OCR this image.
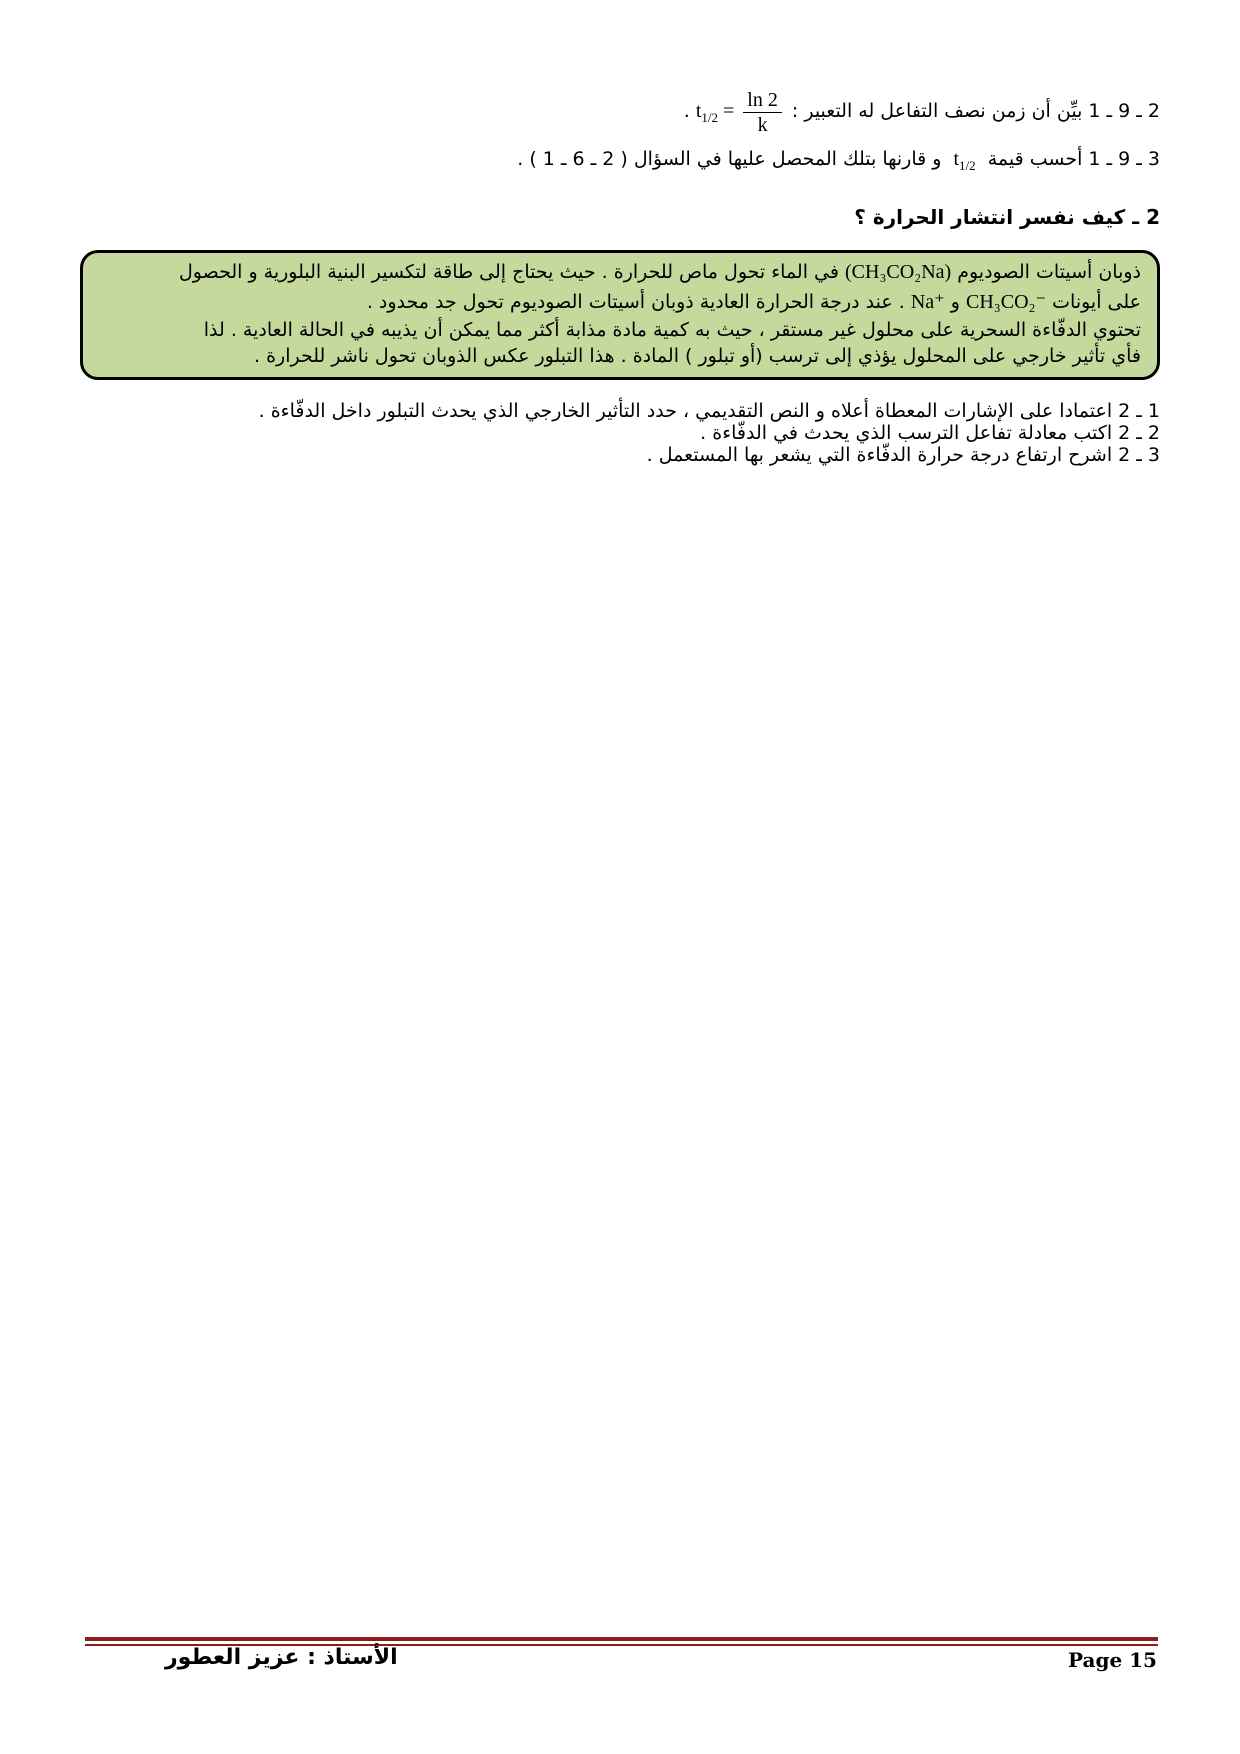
2 ـ 9 ـ 1 بيِّن أن زمن نصف التفاعل له التعبير : $t_{1/2} = \frac{\ln 2}{k}$
.
3 ـ 9 ـ 1 أحسب قيمة $t_{1/2}$ و قارنها بتلك المحصل عليها في السؤال ( 2 ـ 6 ـ 1 ) .
2 ـ كيف نفسر انتشار الحرارة ؟

ذوبان أسيتات الصوديوم (CH₃CO₂Na) في الماء تحول ماص للحرارة . حيث يحتاج إلى طاقة لتكسير البنية البلورية و الحصول

على أيونات CH₃CO₂⁻ و Na⁺ . عند درجة الحرارة العادية ذوبان أسيتات الصوديوم تحول جد محدود .

تحتوي الدفّاءة السحرية على محلول غير مستقر ، حيث به كمية مادة مذابة أكثر مما يمكن أن يذيبه في الحالة العادية . لذا

فأي تأثير خارجي على المحلول يؤذي إلى ترسب (أو تبلور ) المادة . هذا التبلور عكس الذوبان تحول ناشر للحرارة .

1 ـ 2 اعتمادا على الإشارات المعطاة أعلاه و النص التقديمي ، حدد التأثير الخارجي الذي يحدث التبلور داخل الدفّاءة .

2 ـ 2 اكتب معادلة تفاعل الترسب الذي يحدث في الدفّاءة .

3 ـ 2 اشرح ارتفاع درجة حرارة الدفّاءة التي يشعر بها المستعمل .

Page 15
الأستاذ : عزيز العطور
